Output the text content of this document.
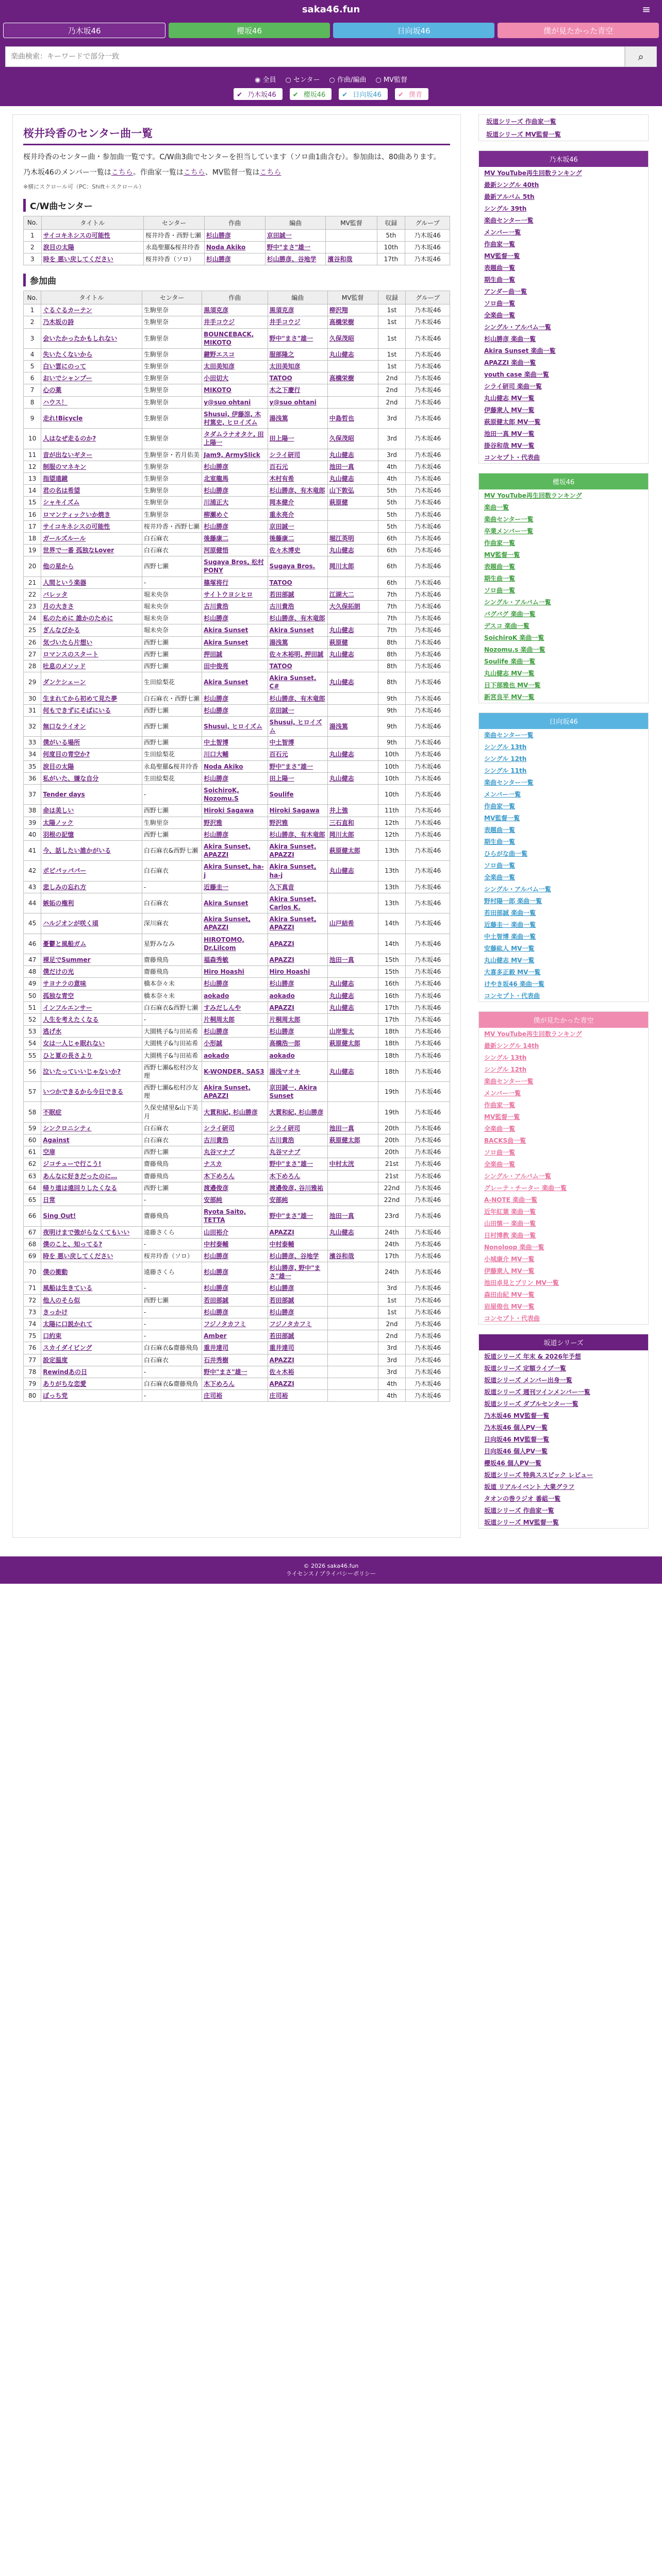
saka46.fun	≡
乃木坂46	櫻坂46	日向坂46	僕が見たかった青空
楽曲検索：キーワードで部分一致
⌕
◉ 全員 ○ センター ○ 作曲/編曲 ○ MV監督
✔ 乃木坂46	✔ 櫻坂46	✔ 日向坂46	✔ 僕青
桜井玲香のセンター曲一覧

桜井玲香のセンター曲・参加曲一覧です。C/W曲3曲でセンターを担当しています（ソロ曲1曲含む）。参加曲は、80曲あります。

乃木坂46のメンバー一覧はこちら。作曲家一覧はこちら、MV監督一覧はこちら

※横にスクロール可（PC：Shift＋スクロール）

C/W曲センター
No.	タイトル	センター	作曲	編曲	MV監督	収録	グループ
1	サイコキネシスの可能性	桜井玲香・西野七瀬	杉山勝彦	京田誠一		5th	乃木坂46
2	涙目の太陽	永島聖羅&桜井玲香	Noda Akiko	野中"まさ"雄一		10th	乃木坂46
3	時を 悪い戻してください	桜井玲香（ソロ）	杉山勝彦	杉山勝彦、谷地学	濱谷和哉	17th	乃木坂46
参加曲
No.	タイトル	センター	作曲	編曲	MV監督	収録	グループ
1	ぐるぐるカーテン	生駒里奈	黒須克彦	黒須克彦	柳沢翔	1st	乃木坂46
2	乃木坂の詩	生駒里奈	井手コウジ	井手コウジ	高橋栄樹	1st	乃木坂46
3	会いたかったかもしれない	生駒里奈	BOUNCEBACK, MIKOTO	野中"まさ"雄一	久保茂昭	1st	乃木坂46
4	失いたくないから	生駒里奈	鍵野エスコ	服部隆之	丸山健志	1st	乃木坂46
5	白い雲にのって	生駒里奈	太田美知彦	太田美知彦		1st	乃木坂46
6	おいでシャンプー	生駒里奈	小田切大	TATOO	高橋栄樹	2nd	乃木坂46
7	心の薬	生駒里奈	MIKOTO	木之下慶行		2nd	乃木坂46
8	ハウス！	生駒里奈	y@suo ohtani	y@suo ohtani		2nd	乃木坂46
9	走れ!Bicycle	生駒里奈	Shusui, 伊藤涼, 木村篤史, ヒロイズム	湯浅篤	中島哲也	3rd	乃木坂46
10	人はなぜ走るのか?	生駒里奈	タダムラナオタケ, 田上陽一	田上陽一	久保茂昭	3rd	乃木坂46
11	音が出ないギター	生駒里奈・若月佑美	Jam9, ArmySlick	シライ研司	丸山健志	3rd	乃木坂46
12	制服のマネキン	生駒里奈	杉山勝彦	百石元	池田一真	4th	乃木坂46
13	指望遠鏡	生駒里奈	北室龍馬	木村有希	丸山健志	4th	乃木坂46
14	君の名は希望	生駒里奈	杉山勝彦	杉山勝彦、有木竜郎	山下敦弘	5th	乃木坂46
15	シャキイズム	生駒里奈	川浦正大	岡本健介	萩原健	5th	乃木坂46
16	ロマンティックいか焼き	生駒里奈	柳瀬めぐ	重永亮介		5th	乃木坂46
17	サイコキネシスの可能性	桜井玲香・西野七瀬	杉山勝彦	京田誠一		5th	乃木坂46
18	ガールズルール	白石麻衣	後藤康二	後藤康二	堀江英明	6th	乃木坂46
19	世界で一番 孤独なLover	白石麻衣	河原健悟	佐々木博史	丸山健志	6th	乃木坂46
20	他の星から	西野七瀬	Sugaya Bros, 松村PONY	Sugaya Bros.	岡川太郎	6th	乃木坂46
21	人間という楽器	-	篠塚将行	TATOO		6th	乃木坂46
22	バレッタ	堀未央奈	サイトウヨシヒロ	若田部誠	江湖大二	7th	乃木坂46
23	月の大きさ	堀未央奈	古川貴浩	古川貴浩	大久保拓朗	7th	乃木坂46
24	私のために 誰かのために	堀未央奈	杉山勝彦	杉山勝彦、有木竜郎		7th	乃木坂46
25	ぎんなびかる	堀未央奈	Akira Sunset	Akira Sunset	丸山健志	7th	乃木坂46
26	気づいたら片想い	西野七瀬	Akira Sunset	湯浅篤	萩原健	8th	乃木坂46
27	ロマンスのスタート	西野七瀬	押田誠	佐々木裕明, 押田誠	丸山健志	8th	乃木坂46
28	吐息のメソッド	西野七瀬	田中俊亮	TATOO		8th	乃木坂46
29	ダンケシェーン	生田絵梨花	Akira Sunset	Akira Sunset, C#	丸山健志	8th	乃木坂46
30	生まれてから初めて見た夢	白石麻衣・西野七瀬	杉山勝彦	杉山勝彦、有木竜郎		9th	乃木坂46
31	何もできずにそばにいる	西野七瀬	杉山勝彦	京田誠一		9th	乃木坂46
32	無口なライオン	西野七瀬	Shusui, ヒロイズム	Shusui, ヒロイズム	湯浅篤	9th	乃木坂46
33	僕がいる場所	西野七瀬	中土智博	中土智博		9th	乃木坂46
34	何度目の青空か?	生田絵梨花	川口大輔	百石元	丸山健志	10th	乃木坂46
35	涙目の太陽	永島聖羅&桜井玲香	Noda Akiko	野中"まさ"雄一		10th	乃木坂46
36	私がいた、嫌な自分	生田絵梨花	杉山勝彦	田上陽一	丸山健志	10th	乃木坂46
37	Tender days	-	SoichiroK, Nozomu.S	Soulife		10th	乃木坂46
38	命は美しい	西野七瀬	Hiroki Sagawa	Hiroki Sagawa	井上強	11th	乃木坂46
39	太陽ノック	生駒里奈	野沢雅	野沢雅	三石直和	12th	乃木坂46
40	羽根の記憶	西野七瀬	杉山勝彦	杉山勝彦、有木竜郎	岡川太郎	12th	乃木坂46
41	今、話したい誰かがいる	白石麻衣&西野七瀬	Akira Sunset, APAZZI	Akira Sunset, APAZZI	萩原健太郎	13th	乃木坂46
42	ポピパッパパー	白石麻衣	Akira Sunset, ha-j	Akira Sunset, ha-j	丸山健志	13th	乃木坂46
43	悲しみの忘れ方	-	近藤圭一	久下真音		13th	乃木坂46
44	嫉妬の権利	白石麻衣	Akira Sunset	Akira Sunset, Carlos K.		13th	乃木坂46
45	ハルジオンが咲く頃	深川麻衣	Akira Sunset, APAZZI	Akira Sunset, APAZZI	山戸結希	14th	乃木坂46
46	憂鬱と風船ガム	星野みなみ	HIROTOMO, Dr.Lilcom	APAZZI		14th	乃木坂46
47	裸足でSummer	齋藤飛鳥	福森秀敏	APAZZI	池田一真	15th	乃木坂46
48	僕だけの光	齋藤飛鳥	Hiro Hoashi	Hiro Hoashi		15th	乃木坂46
49	サヨナラの意味	橋本奈々未	杉山勝彦	杉山勝彦	丸山健志	16th	乃木坂46
50	孤独な青空	橋本奈々未	aokado	aokado	丸山健志	16th	乃木坂46
51	インフルエンサー	白石麻衣&西野七瀬	すみだしんや	APAZZI	丸山健志	17th	乃木坂46
52	人生を考えたくなる	-	片桐周太郎	片桐周太郎		17th	乃木坂46
53	逃げ水	大園桃子&与田祐希	杉山勝彦	杉山勝彦	山岸聖太	18th	乃木坂46
54	女は一人じゃ眠れない	大園桃子&与田祐希	小形誠	高橋浩一郎	萩原健太郎	18th	乃木坂46
55	ひと夏の長さより	大園桃子&与田祐希	aokado	aokado		18th	乃木坂46
56	泣いたっていいじゃないか?	西野七瀬&松村沙友理	K-WONDER, SAS3	湯浅マオキ	丸山健志	18th	乃木坂46
57	いつかできるから今日できる	西野七瀬&松村沙友理	Akira Sunset, APAZZI	京田誠一, Akira Sunset		19th	乃木坂46
58	不眠症	久保史緒里&山下美月	大貫和紀, 杉山勝彦	大貫和紀, 杉山勝彦		19th	乃木坂46
59	シンクロニシティ	白石麻衣	シライ研司	シライ研司	池田一真	20th	乃木坂46
60	Against	白石麻衣	古川貴浩	古川貴浩	萩原健太郎	20th	乃木坂46
61	空扉	西野七瀬	丸谷マナブ	丸谷マナブ		20th	乃木坂46
62	ジコチューで行こう!	齋藤飛鳥	ナスカ	野中"まさ"雄一	中村太洸	21st	乃木坂46
63	あんなに好きだったのに…	齋藤飛鳥	木下めろん	木下めろん		21st	乃木坂46
64	帰り道は遠回りしたくなる	西野七瀬	渡邉俊彦	渡邉俊彦, 谷川雅祐		22nd	乃木坂46
65	日常	-	安部純	安部純		22nd	乃木坂46
66	Sing Out!	齋藤飛鳥	Ryota Saito, TETTA	野中"まさ"雄一	池田一真	23rd	乃木坂46
67	夜明けまで強がらなくてもいい	遠藤さくら	山田裕介	APAZZI	丸山健志	24th	乃木坂46
68	僕のこと、知ってる?	-	中村泰輔	中村泰輔		24th	乃木坂46
69	時を 悪い戻してください	桜井玲香（ソロ）	杉山勝彦	杉山勝彦、谷地学	濱谷和哉	17th	乃木坂46
70	僕の衝動	遠藤さくら	杉山勝彦	杉山勝彦, 野中"まさ"雄一		24th	乃木坂46
71	風船は生きている	-	杉山勝彦	杉山勝彦		3rd	乃木坂46
72	他人のそら似	西野七瀬	若田部誠	若田部誠		1st	乃木坂46
73	きっかけ	-	杉山勝彦	杉山勝彦		1st	乃木坂46
74	太陽に口説かれて	-	フジノタカフミ	フジノタカフミ		2nd	乃木坂46
75	口約束	-	Amber	若田部誠		2nd	乃木坂46
76	スカイダイビング	白石麻衣&齋藤飛鳥	重井達司	重井達司		3rd	乃木坂46
77	設定温度	白石麻衣	石井秀樹	APAZZI		3rd	乃木坂46
78	Rewindあの日	-	野中"まさ"雄一	佐々木裕		3rd	乃木坂46
79	ありがちな恋愛	白石麻衣&齋藤飛鳥	木下めろん	APAZZI		4th	乃木坂46
80	ぼっち党	-	庄司裕	庄司裕		4th	乃木坂46
坂道シリーズ 作曲家一覧
坂道シリーズ MV監督一覧
乃木坂46
MV YouTube再生回数ランキング
最新シングル 40th
最新アルバム 5th
シングル 39th
楽曲センター一覧
メンバー一覧
作曲家一覧
MV監督一覧
表題曲一覧
期生曲一覧
アンダー曲一覧
ソロ曲一覧
全楽曲一覧
シングル・アルバム一覧
杉山勝彦 楽曲一覧
Akira Sunset 楽曲一覧
APAZZI 楽曲一覧
youth case 楽曲一覧
シライ研司 楽曲一覧
丸山健志 MV一覧
伊藤衆人 MV一覧
萩原健太郎 MV一覧
池田一真 MV一覧
掛谷和哉 MV一覧
コンセプト・代表曲
櫻坂46
MV YouTube再生回数ランキング
楽曲一覧
楽曲センター一覧
卒業メンバー一覧
作曲家一覧
MV監督一覧
表題曲一覧
期生曲一覧
ソロ曲一覧
シングル・アルバム一覧
バグバグ 楽曲一覧
デスコ 楽曲一覧
SoichiroK 楽曲一覧
Nozomu.s 楽曲一覧
Soulife 楽曲一覧
丸山健志 MV一覧
日下部雅也 MV一覧
新宮良平 MV一覧
日向坂46
楽曲センター一覧
シングル 13th
シングル 12th
シングル 11th
楽曲センター一覧
メンバー一覧
作曲家一覧
MV監督一覧
表題曲一覧
期生曲一覧
ひらがな曲一覧
ソロ曲一覧
全楽曲一覧
シングル・アルバム一覧
野村陽一郎 楽曲一覧
若田部誠 楽曲一覧
近藤圭一 楽曲一覧
中土智博 楽曲一覧
安藤紘人 MV一覧
丸山健志 MV一覧
大喜多正毅 MV一覧
けやき坂46 楽曲一覧
コンセプト・代表曲
僕が見たかった青空
MV YouTube再生回数ランキング
最新シングル 14th
シングル 13th
シングル 12th
楽曲センター一覧
メンバー一覧
作曲家一覧
MV監督一覧
全楽曲一覧
BACKS曲一覧
ソロ曲一覧
全楽曲一覧
シングル・アルバム一覧
グレーテ・チーター 楽曲一覧
A-NOTE 楽曲一覧
近年紅葉 楽曲一覧
山田慎一 楽曲一覧
日村博教 楽曲一覧
Nonoloop 楽曲一覧
小城康介 MV一覧
伊藤衆人 MV一覧
池田卓見とプリン MV一覧
森田由紀 MV一覧
岩屋俊也 MV一覧
コンセプト・代表曲
坂道シリーズ
坂道シリーズ 年末 & 2026年予想
坂道シリーズ 定額ライブ一覧
坂道シリーズ メンバー出身一覧
坂道シリーズ 週刊ツインメンバー一覧
坂道シリーズ ダブルセンター一覧
乃木坂46 MV監督一覧
乃木坂46 個人PV一覧
日向坂46 MV監督一覧
日向坂46 個人PV一覧
櫻坂46 個人PV一覧
坂道シリーズ 特典ススピック レビュー
坂道 リアルイベント 大業グラフ
タオンの巻ラジオ 番組一覧
坂道シリーズ 作曲家一覧
坂道シリーズ MV監督一覧
© 2026 saka46.fun
ライセンス / プライバシーポリシー
